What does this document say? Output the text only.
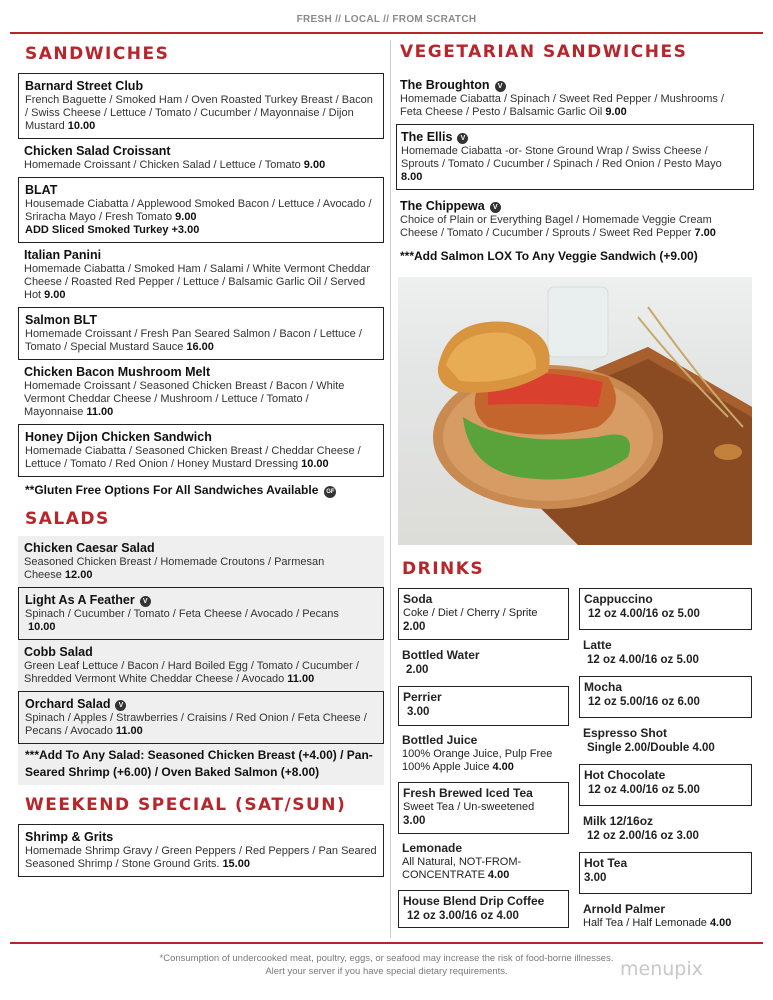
FRESH // LOCAL // FROM SCRATCH
SANDWICHES
Barnard Street Club
French Baguette / Smoked Ham / Oven Roasted Turkey Breast / Bacon / Swiss Cheese / Lettuce / Tomato / Cucumber / Mayonnaise / Dijon Mustard 10.00
Chicken Salad Croissant
Homemade Croissant / Chicken Salad / Lettuce / Tomato 9.00
BLAT
Housemade Ciabatta / Applewood Smoked Bacon / Lettuce / Avocado / Sriracha Mayo / Fresh Tomato 9.00
ADD Sliced Smoked Turkey +3.00
Italian Panini
Homemade Ciabatta / Smoked Ham / Salami / White Vermont Cheddar Cheese / Roasted Red Pepper / Lettuce / Balsamic Garlic Oil / Served Hot 9.00
Salmon BLT
Homemade Croissant / Fresh Pan Seared Salmon / Bacon / Lettuce / Tomato / Special Mustard Sauce 16.00
Chicken Bacon Mushroom Melt
Homemade Croissant / Seasoned Chicken Breast / Bacon / White Vermont Cheddar Cheese / Mushroom / Lettuce / Tomato / Mayonnaise 11.00
Honey Dijon Chicken Sandwich
Homemade Ciabatta / Seasoned Chicken Breast / Cheddar Cheese / Lettuce / Tomato / Red Onion / Honey Mustard Dressing 10.00
**Gluten Free Options For All Sandwiches Available GF
SALADS
Chicken Caesar Salad
Seasoned Chicken Breast / Homemade Croutons / Parmesan Cheese 12.00
Light As A Feather V
Spinach / Cucumber / Tomato / Feta Cheese / Avocado / Pecans
10.00
Cobb Salad
Green Leaf Lettuce / Bacon / Hard Boiled Egg / Tomato / Cucumber / Shredded Vermont White Cheddar Cheese / Avocado 11.00
Orchard Salad V
Spinach / Apples / Strawberries / Craisins / Red Onion / Feta Cheese / Pecans / Avocado 11.00
***Add To Any Salad: Seasoned Chicken Breast (+4.00) / Pan-Seared Shrimp (+6.00) / Oven Baked Salmon (+8.00)
WEEKEND SPECIAL (SAT/SUN)
Shrimp & Grits
Homemade Shrimp Gravy / Green Peppers / Red Peppers / Pan Seared Seasoned Shrimp / Stone Ground Grits. 15.00
VEGETARIAN SANDWICHES
The Broughton V
Homemade Ciabatta / Spinach / Sweet Red Pepper / Mushrooms / Feta Cheese / Pesto / Balsamic Garlic Oil 9.00
The Ellis V
Homemade Ciabatta -or- Stone Ground Wrap / Swiss Cheese / Sprouts / Tomato / Cucumber / Spinach / Red Onion / Pesto Mayo
8.00
The Chippewa V
Choice of Plain or Everything Bagel / Homemade Veggie Cream Cheese / Tomato / Cucumber / Sprouts / Sweet Red Pepper 7.00
***Add Salmon LOX To Any Veggie Sandwich (+9.00)
DRINKS
Soda
Coke / Diet / Cherry / Sprite
2.00
Bottled Water
2.00
Perrier
3.00
Bottled Juice
100% Orange Juice, Pulp Free
100% Apple Juice 4.00
Fresh Brewed Iced Tea
Sweet Tea / Un-sweetened
3.00
Lemonade
All Natural, NOT-FROM-
CONCENTRATE 4.00
House Blend Drip Coffee
12 oz 3.00/16 oz 4.00
Cappuccino
12 oz 4.00/16 oz 5.00
Latte
12 oz 4.00/16 oz 5.00
Mocha
12 oz 5.00/16 oz 6.00
Espresso Shot
Single 2.00/Double 4.00
Hot Chocolate
12 oz 4.00/16 oz 5.00
Milk 12/16oz
12 oz 2.00/16 oz 3.00
Hot Tea
3.00
Arnold Palmer
Half Tea / Half Lemonade 4.00
*Consumption of undercooked meat, poultry, eggs, or seafood may increase the risk of food-borne illnesses.
Alert your server if you have special dietary requirements.	menupix
